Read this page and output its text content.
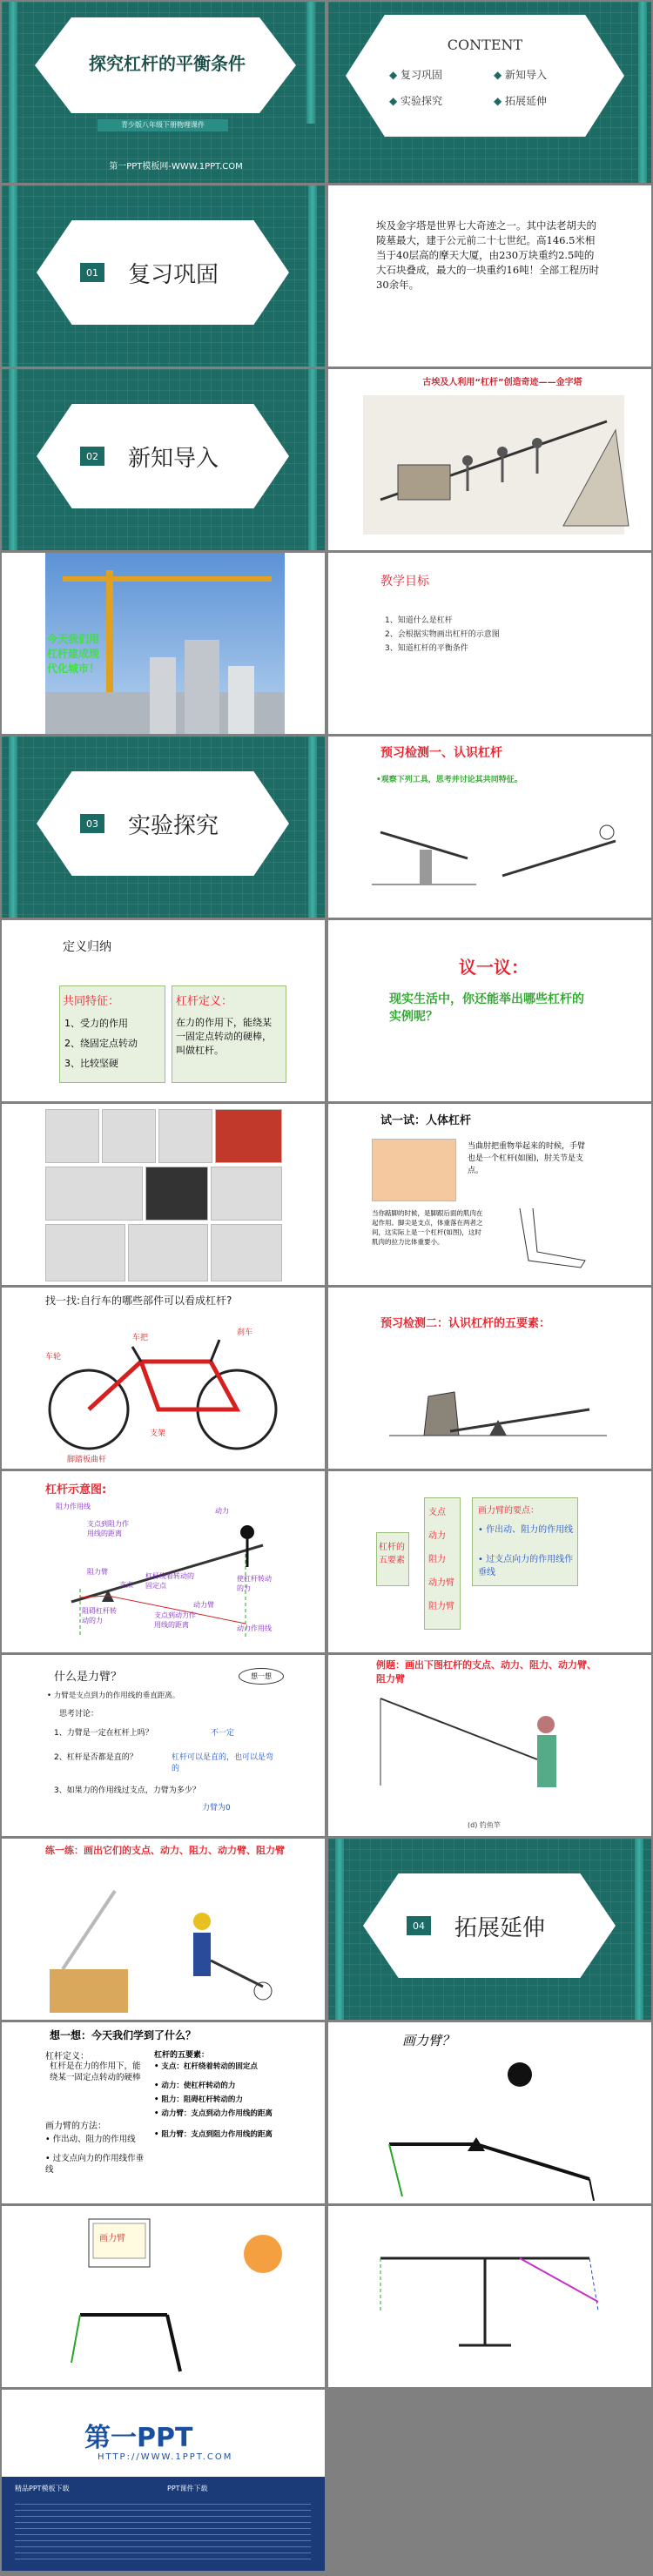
探究杠杆的平衡条件
青少版八年级下册物理课件
第一PPT模板网-WWW.1PPT.COM
CONTENT
◆ 复习巩固	◆ 新知导入
◆ 实验探究	◆ 拓展延伸
01 复习巩固
埃及金字塔是世界七大奇迹之一。其中法老胡夫的陵墓最大，建于公元前二十七世纪。高146.5米相当于40层高的摩天大厦，由230万块重约2.5吨的大石块叠成，最大的一块重约16吨！全部工程历时30余年。
02 新知导入
古埃及人利用“杠杆”创造奇迹——金字塔
今天我们用杠杆建成现代化城市！
教学目标
1、知道什么是杠杆
2、会根据实物画出杠杆的示意图
3、知道杠杆的平衡条件
03 实验探究
预习检测一、认识杠杆
•观察下列工具，思考并讨论其共同特征。
定义归纳
共同特征：
1、受力的作用
2、绕固定点转动
3、比较坚硬
杠杆定义：
在力的作用下，能绕某一固定点转动的硬棒，叫做杠杆。
议一议：
现实生活中，你还能举出哪些杠杆的实例呢？
试一试：人体杠杆
当曲肘把重物举起来的时候，手臂也是一个杠杆(如图)，肘关节是支点。
当你踮脚的时候，是脚跟后面的肌肉在起作用。脚尖是支点，体重落在两者之间，这实际上是一个杠杆(如图)，这时肌肉的拉力比体重要小。
找一找:自行车的哪些部件可以看成杠杆?
车把
刹车
车轮
支架
脚踏板曲杆
预习检测二：认识杠杆的五要素：
杠杆示意图:
阻力作用线
支点到阻力作用线的距离
阻力臂
动力
动力臂
动力作用线
支点
使杠杆转动的力
阻碍杠杆转动的力
杠杆绕着转动的固定点
支点到动力作用线的距离
杠杆的五要素
支点
动力
阻力
动力臂
阻力臂
画力臂的要点：
• 作出动、阻力的作用线
• 过支点向力的作用线作垂线
什么是力臂？	想一想
• 力臂是支点到力的作用线的垂直距离。
思考讨论：
1、力臂是一定在杠杆上吗？	不一定
2、杠杆是否都是直的？	杠杆可以是直的，也可以是弯的
3、如果力的作用线过支点，力臂为多少？
力臂为0
例题：画出下图杠杆的支点、动力、阻力、动力臂、阻力臂
(d) 钓鱼竿
练一练：画出它们的支点、动力、阻力、动力臂、阻力臂
04 拓展延伸
想一想：今天我们学到了什么？
杠杆定义：
杠杆是在力的作用下，能绕某一固定点转动的硬棒
画力臂的方法：
• 作出动、阻力的作用线
• 过支点向力的作用线作垂线
杠杆的五要素：
• 支点：杠杆绕着转动的固定点
• 动力：使杠杆转动的力
• 阻力：阻碍杠杆转动的力
• 动力臂：支点到动力作用线的距离
• 阻力臂：支点到阻力作用线的距离
画力臂？
画力臂
第一PPT
HTTP://WWW.1PPT.COM
精品PPT模板下载	PPT课件下载
